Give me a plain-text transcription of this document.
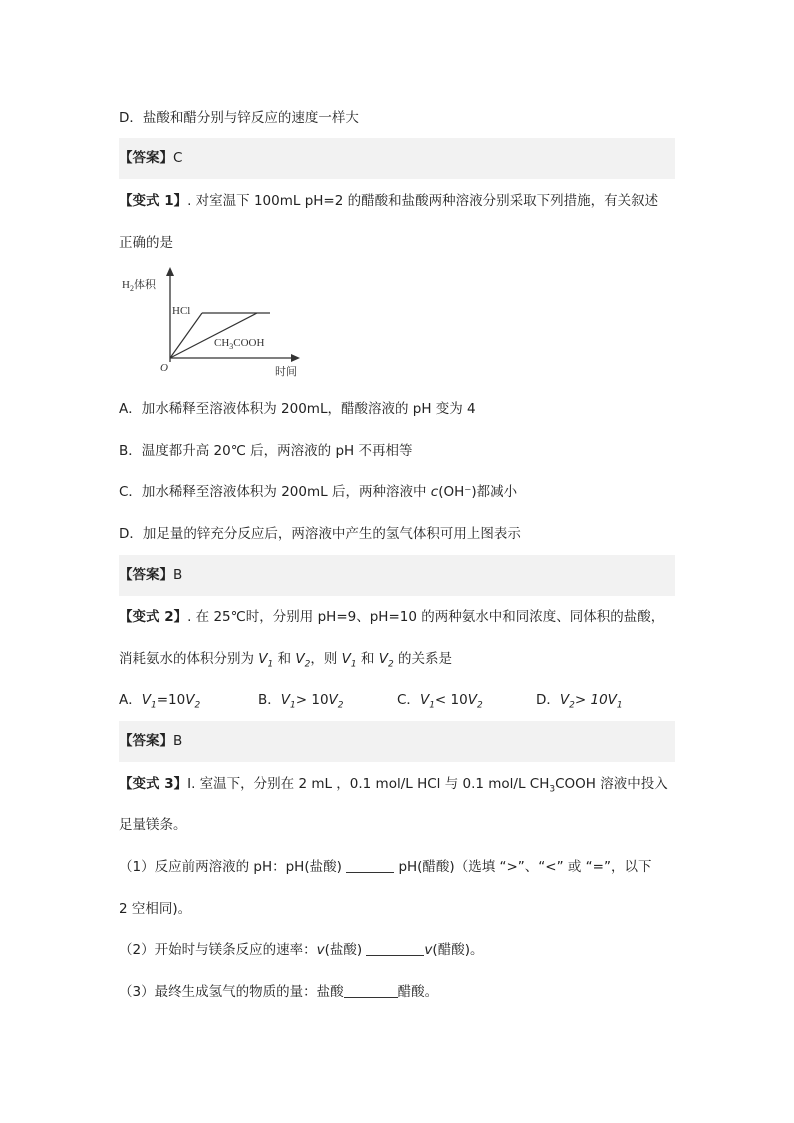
D．盐酸和醋分别与锌反应的速度一样大
【答案】C
【变式 1】. 对室温下 100mL pH=2 的醋酸和盐酸两种溶液分别采取下列措施，有关叙述
正确的是
$H_2$体积
HCl
$CH_3COOH$
O	时间
A．加水稀释至溶液体积为 200mL，醋酸溶液的 pH 变为 4
B．温度都升高 20℃ 后，两溶液的 pH 不再相等
C．加水稀释至溶液体积为 200mL 后，两种溶液中 c(OH⁻)都减小
D．加足量的锌充分反应后，两溶液中产生的氢气体积可用上图表示
【答案】B
【变式 2】. 在 25℃时，分别用 pH=9、pH=10 的两种氨水中和同浓度、同体积的盐酸，
消耗氨水的体积分别为 $V_1$ 和 $V_2$，则 $V_1$ 和 $V_2$ 的关系是
A．$V_1=10V_2$	B．$V_1> 10V_2$	C．$V_1< 10V_2$	D．$V_2> 10V_1$
【答案】B
【变式 3】I. 室温下，分别在 2 mL ，0.1 mol/L HCl 与 0.1 mol/L $CH_3COOH$ 溶液中投入
足量镁条。
（1）反应前两溶液的 pH：pH(盐酸)	pH(醋酸)（选填 “>”、“<” 或 “=”，以下
2 空相同)。
（2）开始时与镁条反应的速率：v(盐酸)	v(醋酸)。
（3）最终生成氢气的物质的量：盐酸	醋酸。
